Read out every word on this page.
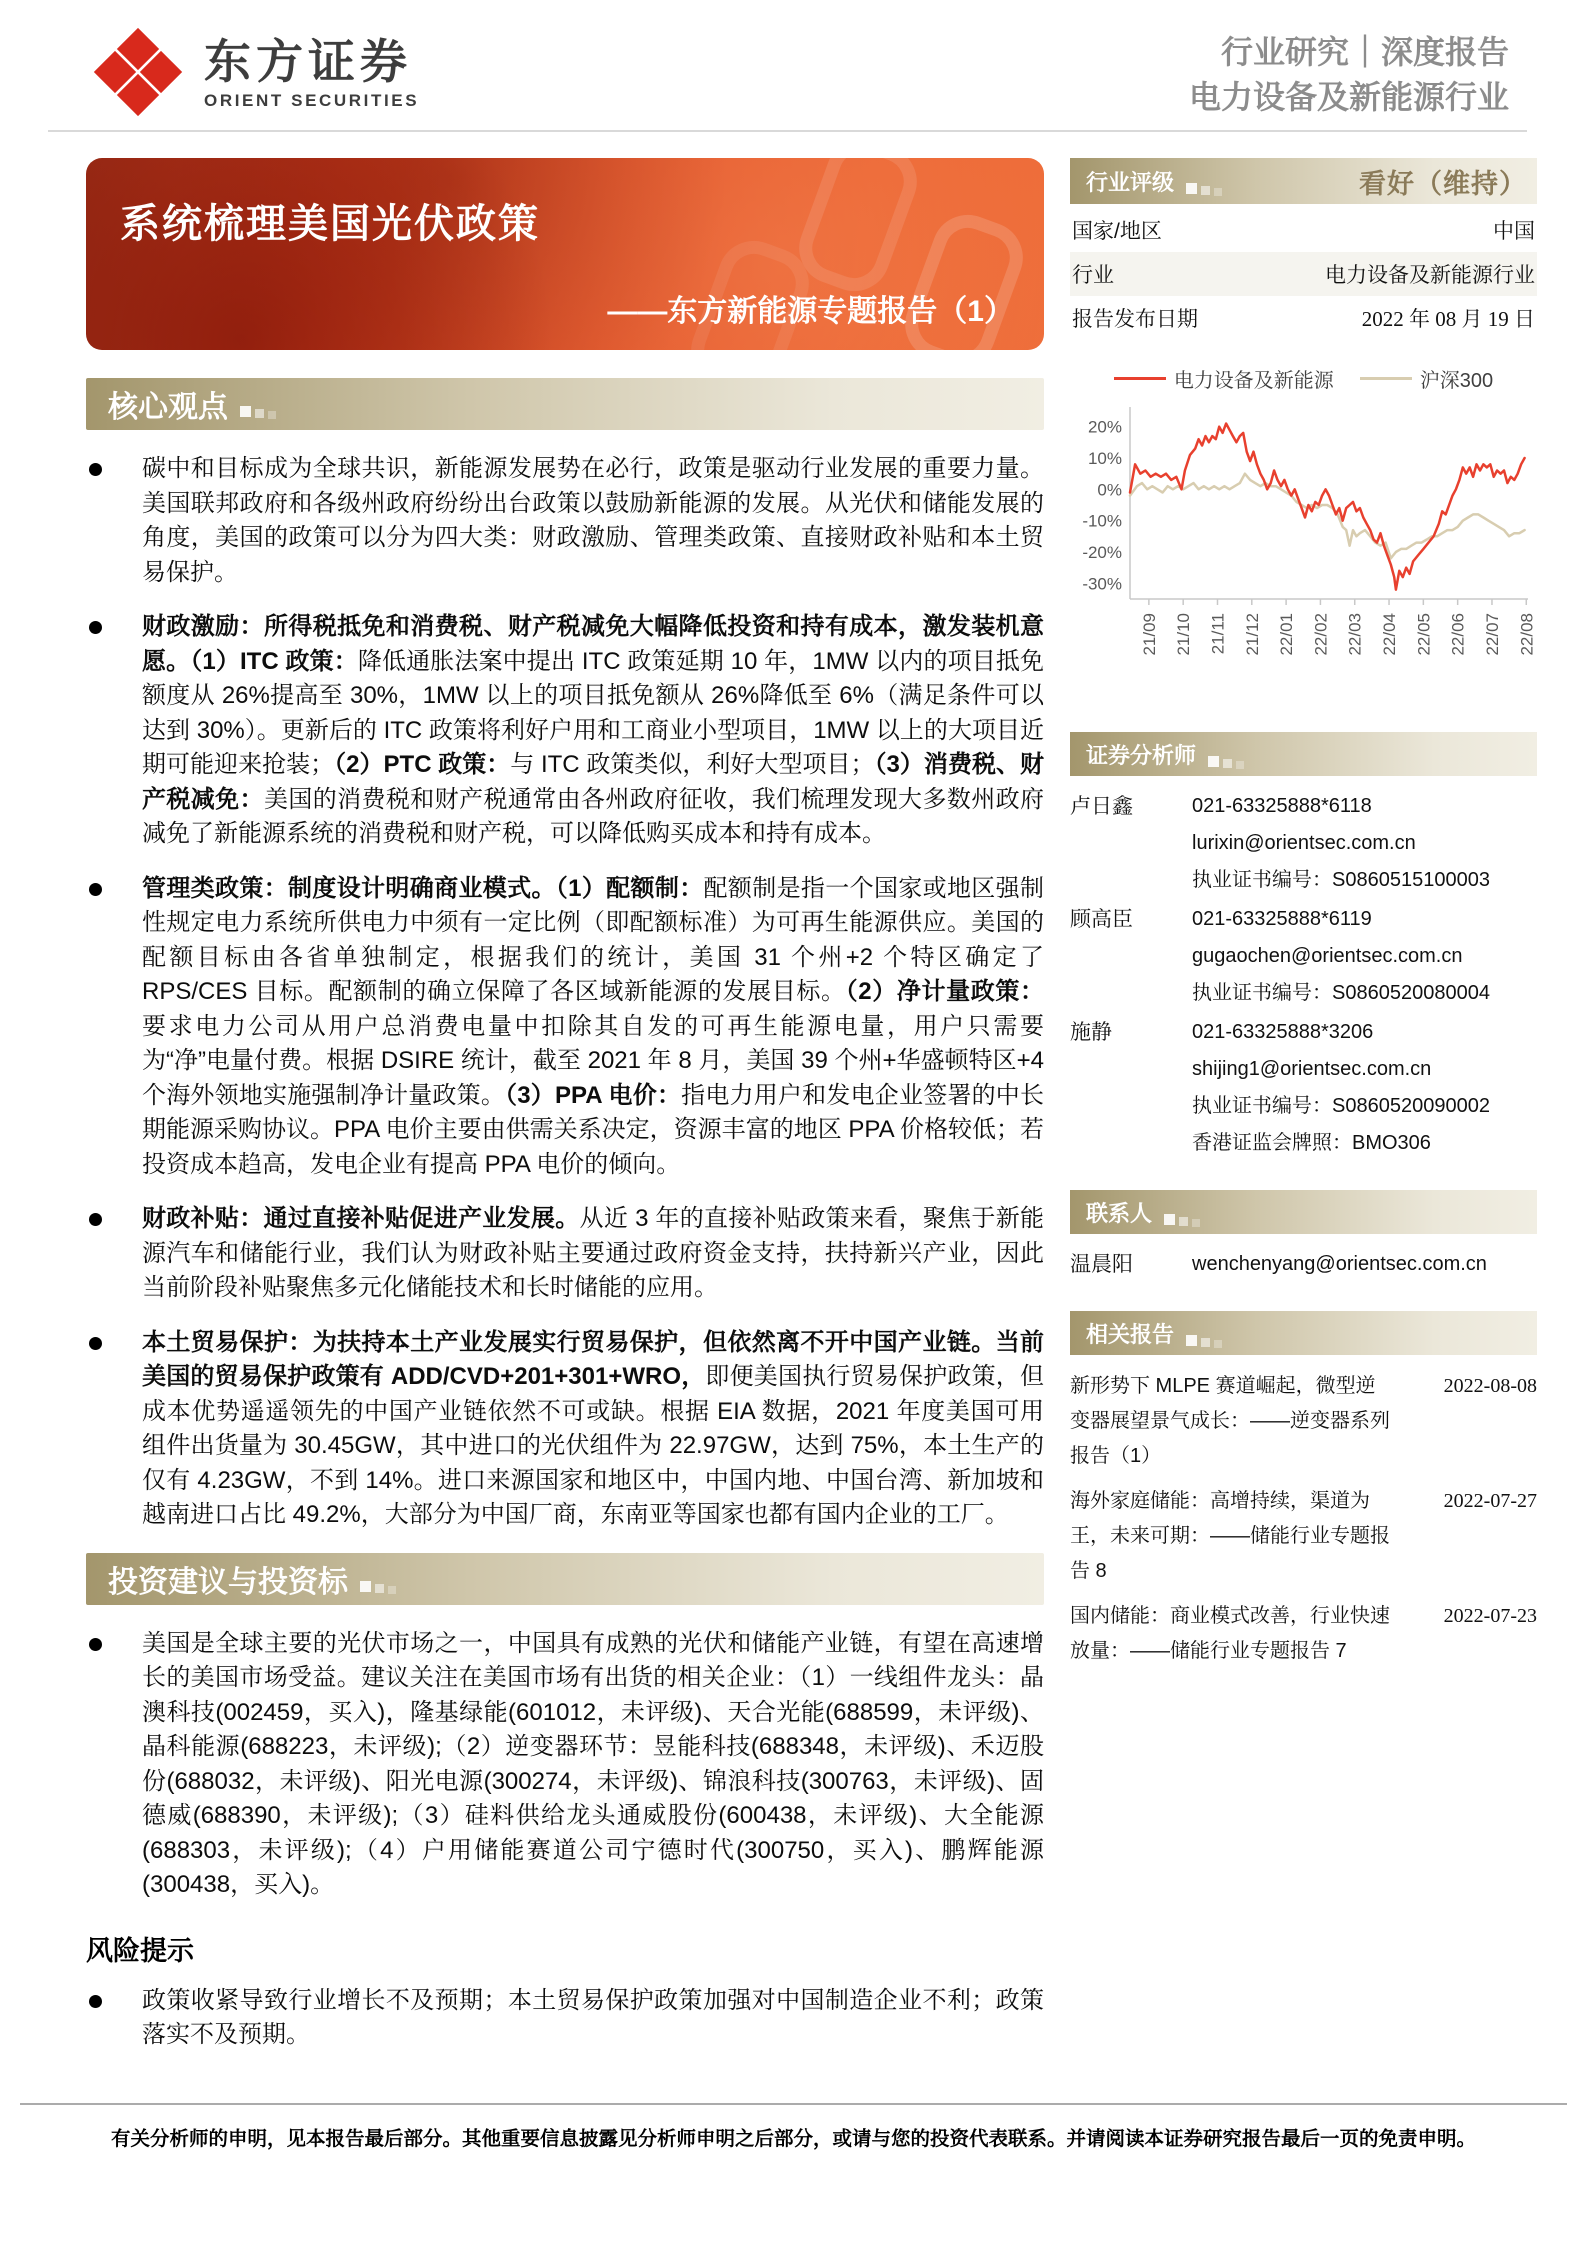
东方证券
ORIENT SECURITIES
行业研究｜深度报告
电力设备及新能源行业
系统梳理美国光伏政策
——东方新能源专题报告（1）
核心观点
碳中和目标成为全球共识，新能源发展势在必行，政策是驱动行业发展的重要力量。美国联邦政府和各级州政府纷纷出台政策以鼓励新能源的发展。从光伏和储能发展的角度，美国的政策可以分为四大类：财政激励、管理类政策、直接财政补贴和本土贸易保护。
财政激励：所得税抵免和消费税、财产税减免大幅降低投资和持有成本，激发装机意愿。（1）ITC 政策：降低通胀法案中提出 ITC 政策延期 10 年，1MW 以内的项目抵免额度从 26%提高至 30%，1MW 以上的项目抵免额从 26%降低至 6%（满足条件可以达到 30%）。更新后的 ITC 政策将利好户用和工商业小型项目，1MW 以上的大项目近期可能迎来抢装；（2）PTC 政策：与 ITC 政策类似，利好大型项目；（3）消费税、财产税减免：美国的消费税和财产税通常由各州政府征收，我们梳理发现大多数州政府减免了新能源系统的消费税和财产税，可以降低购买成本和持有成本。
管理类政策：制度设计明确商业模式。（1）配额制：配额制是指一个国家或地区强制性规定电力系统所供电力中须有一定比例（即配额标准）为可再生能源供应。美国的配额目标由各省单独制定，根据我们的统计，美国 31 个州+2 个特区确定了 RPS/CES 目标。配额制的确立保障了各区域新能源的发展目标。（2）净计量政策：要求电力公司从用户总消费电量中扣除其自发的可再生能源电量，用户只需要为“净”电量付费。根据 DSIRE 统计，截至 2021 年 8 月，美国 39 个州+华盛顿特区+4 个海外领地实施强制净计量政策。（3）PPA 电价：指电力用户和发电企业签署的中长期能源采购协议。PPA 电价主要由供需关系决定，资源丰富的地区 PPA 价格较低；若投资成本趋高，发电企业有提高 PPA 电价的倾向。
财政补贴：通过直接补贴促进产业发展。从近 3 年的直接补贴政策来看，聚焦于新能源汽车和储能行业，我们认为财政补贴主要通过政府资金支持，扶持新兴产业，因此当前阶段补贴聚焦多元化储能技术和长时储能的应用。
本土贸易保护：为扶持本土产业发展实行贸易保护，但依然离不开中国产业链。当前美国的贸易保护政策有 ADD/CVD+201+301+WRO，即便美国执行贸易保护政策，但成本优势遥遥领先的中国产业链依然不可或缺。根据 EIA 数据，2021 年度美国可用组件出货量为 30.45GW，其中进口的光伏组件为 22.97GW，达到 75%，本土生产的仅有 4.23GW，不到 14%。进口来源国家和地区中，中国内地、中国台湾、新加坡和越南进口占比 49.2%，大部分为中国厂商，东南亚等国家也都有国内企业的工厂。
投资建议与投资标
美国是全球主要的光伏市场之一，中国具有成熟的光伏和储能产业链，有望在高速增长的美国市场受益。建议关注在美国市场有出货的相关企业：（1）一线组件龙头：晶澳科技(002459，买入)，隆基绿能(601012，未评级)、天合光能(688599，未评级)、晶科能源(688223，未评级);（2）逆变器环节：昱能科技(688348，未评级)、禾迈股份(688032，未评级)、阳光电源(300274，未评级)、锦浪科技(300763，未评级)、固德威(688390，未评级);（3）硅料供给龙头通威股份(600438，未评级)、大全能源(688303，未评级);（4）户用储能赛道公司宁德时代(300750，买入)、鹏辉能源(300438，买入)。
风险提示
政策收紧导致行业增长不及预期；本土贸易保护政策加强对中国制造企业不利；政策落实不及预期。
行业评级	看好（维持）
国家/地区	中国
行业	电力设备及新能源行业
报告发布日期	2022 年 08 月 19 日
电力设备及新能源	沪深300
20%
10%
0%
-10%
-20%
-30%
21/09 21/10 21/11 21/12 22/01 22/02 22/03 22/04 22/05 22/06 22/07 22/08
证券分析师
卢日鑫	021-63325888*6118
lurixin@orientsec.com.cn
执业证书编号：S0860515100003
顾高臣	021-63325888*6119
gugaochen@orientsec.com.cn
执业证书编号：S0860520080004
施静	021-63325888*3206
shijing1@orientsec.com.cn
执业证书编号：S0860520090002
香港证监会牌照：BMO306
联系人
温晨阳	wenchenyang@orientsec.com.cn
相关报告
新形势下 MLPE 赛道崛起，微型逆变器展望景气成长：——逆变器系列报告（1）
2022-08-08
海外家庭储能：高增持续，渠道为王，未来可期：——储能行业专题报告 8
2022-07-27
国内储能：商业模式改善，行业快速放量：——储能行业专题报告 7
2022-07-23
有关分析师的申明，见本报告最后部分。其他重要信息披露见分析师申明之后部分，或请与您的投资代表联系。并请阅读本证券研究报告最后一页的免责申明。
